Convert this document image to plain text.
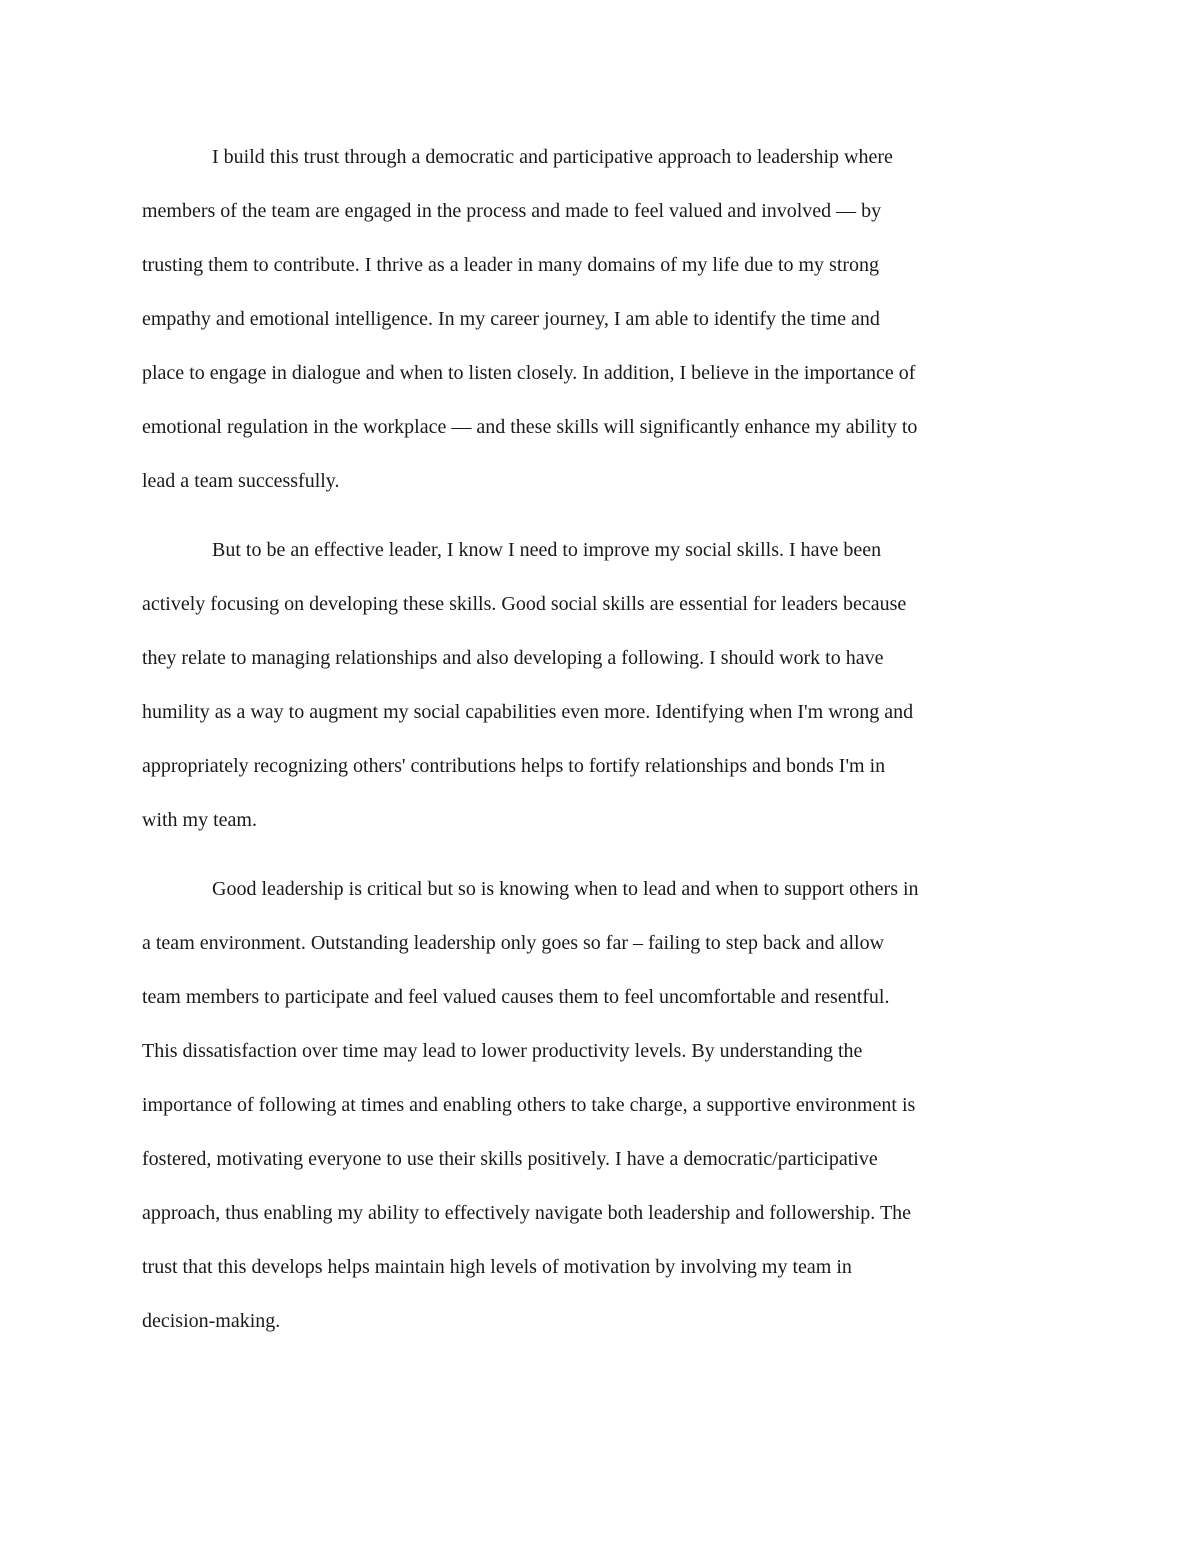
I build this trust through a democratic and participative approach to leadership where
members of the team are engaged in the process and made to feel valued and involved — by
trusting them to contribute. I thrive as a leader in many domains of my life due to my strong
empathy and emotional intelligence. In my career journey, I am able to identify the time and
place to engage in dialogue and when to listen closely. In addition, I believe in the importance of
emotional regulation in the workplace — and these skills will significantly enhance my ability to
lead a team successfully.

But to be an effective leader, I know I need to improve my social skills. I have been
actively focusing on developing these skills. Good social skills are essential for leaders because
they relate to managing relationships and also developing a following. I should work to have
humility as a way to augment my social capabilities even more. Identifying when I'm wrong and
appropriately recognizing others' contributions helps to fortify relationships and bonds I'm in
with my team.

Good leadership is critical but so is knowing when to lead and when to support others in
a team environment. Outstanding leadership only goes so far – failing to step back and allow
team members to participate and feel valued causes them to feel uncomfortable and resentful.
This dissatisfaction over time may lead to lower productivity levels. By understanding the
importance of following at times and enabling others to take charge, a supportive environment is
fostered, motivating everyone to use their skills positively. I have a democratic/participative
approach, thus enabling my ability to effectively navigate both leadership and followership. The
trust that this develops helps maintain high levels of motivation by involving my team in
decision-making.
